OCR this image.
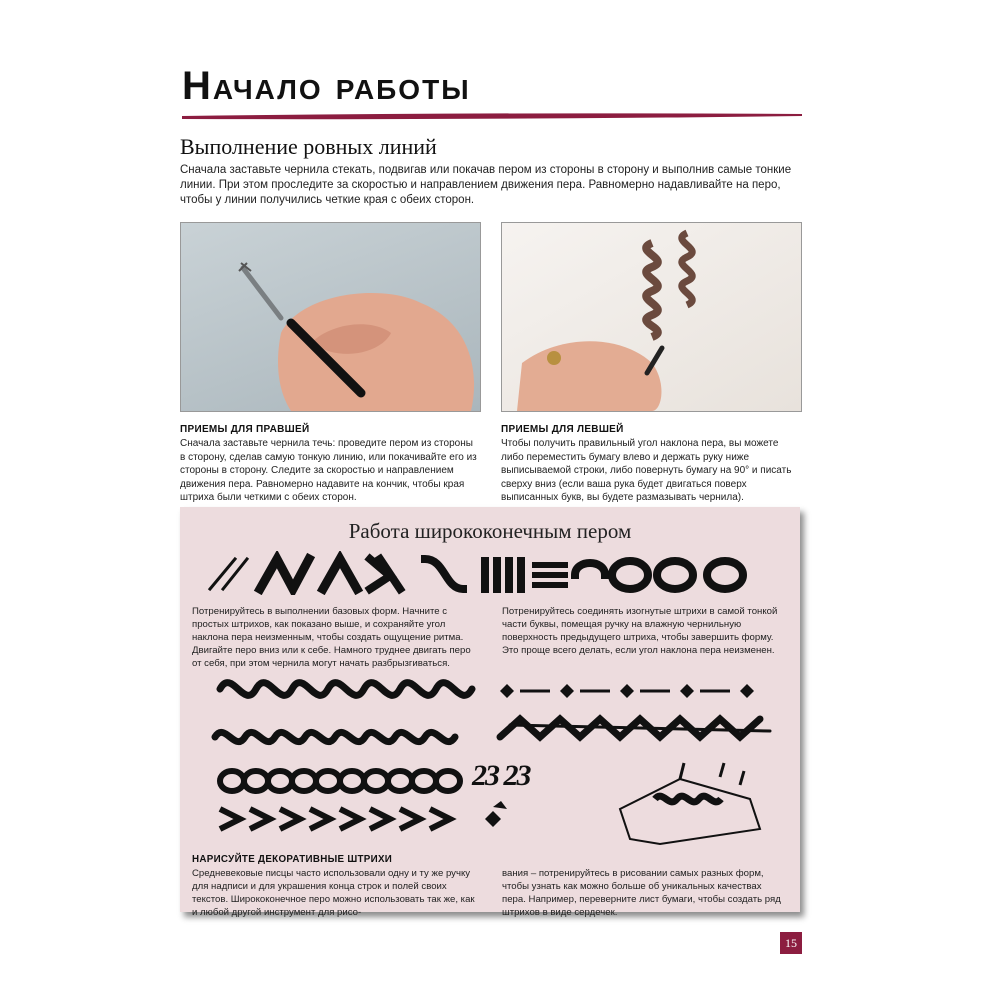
Начало работы
Выполнение ровных линий
Сначала заставьте чернила стекать, подвигав или покачав пером из стороны в сторону и выполнив самые тонкие линии. При этом проследите за скоростью и направлением движения пера. Равномерно надавливайте на перо, чтобы у линии получились четкие края с обеих сторон.
ПРИЕМЫ ДЛЯ ПРАВШЕЙ
Сначала заставьте чернила течь: проведите пером из стороны в сторону, сделав самую тонкую линию, или покачивайте его из стороны в сторону. Следите за скоростью и направлением движения пера. Равномерно надавите на кончик, чтобы края штриха были четкими с обеих сторон.
ПРИЕМЫ ДЛЯ ЛЕВШЕЙ
Чтобы получить правильный угол наклона пера, вы можете либо переместить бумагу влево и держать руку ниже выписываемой строки, либо повернуть бумагу на 90° и писать сверху вниз (если ваша рука будет двигаться поверх выписанных букв, вы будете размазывать чернила).
Работа ширококонечным пером
Потренируйтесь в выполнении базовых форм. Начните с простых штрихов, как показано выше, и сохраняйте угол наклона пера неизменным, чтобы создать ощущение ритма. Двигайте перо вниз или к себе. Намного труднее двигать перо от себя, при этом чернила могут начать разбрызгиваться.
Потренируйтесь соединять изогнутые штрихи в самой тонкой части буквы, помещая ручку на влажную чернильную поверхность предыдущего штриха, чтобы завершить форму. Это проще всего делать, если угол наклона пера неизменен.
23 23
НАРИСУЙТЕ ДЕКОРАТИВНЫЕ ШТРИХИ
Средневековые писцы часто использовали одну и ту же ручку для надписи и для украшения конца строк и полей своих текстов. Ширококонечное перо можно использовать так же, как и любой другой инструмент для рисо-
вания – потренируйтесь в рисовании самых разных форм, чтобы узнать как можно больше об уникальных качествах пера. Например, переверните лист бумаги, чтобы создать ряд штрихов в виде сердечек.
15
